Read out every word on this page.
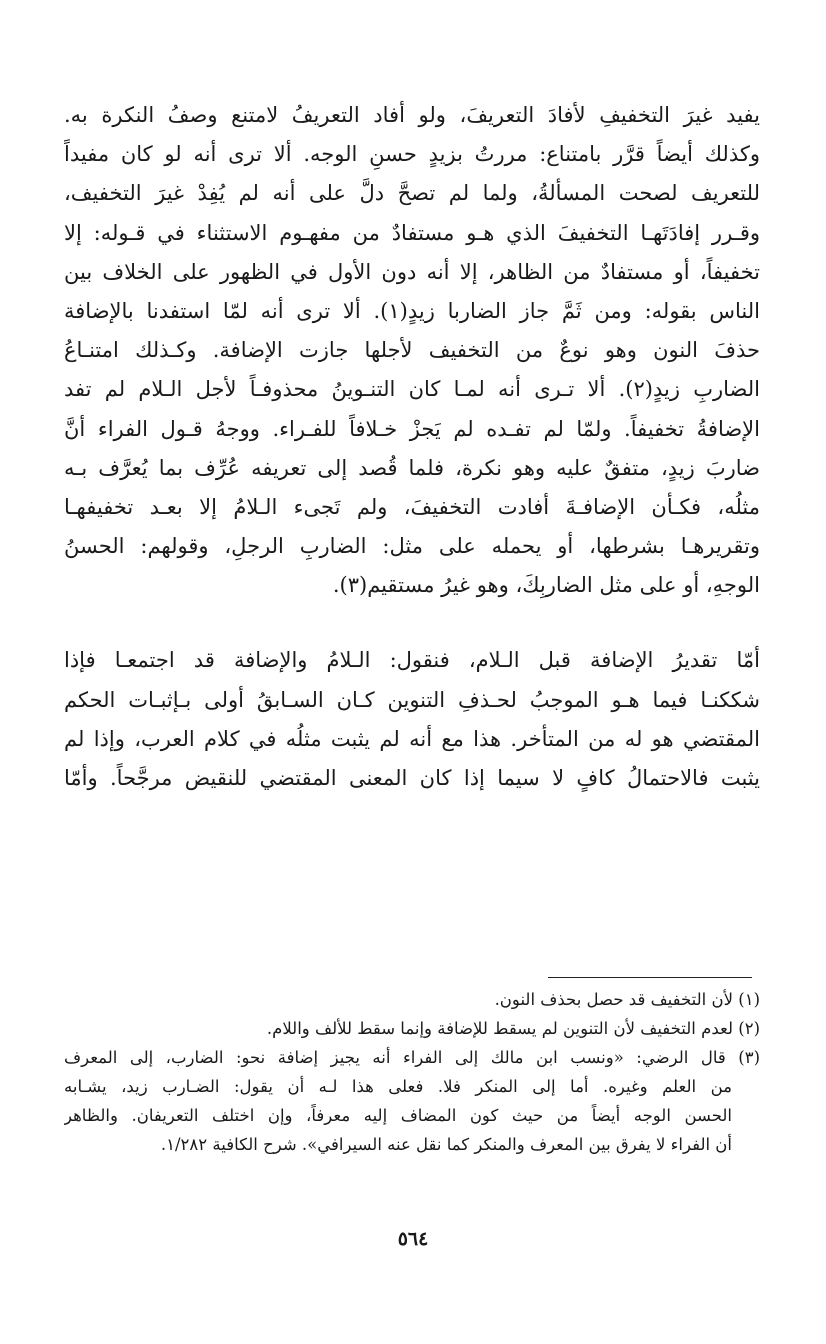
يفيد غيرَ التخفيفِ لأفادَ التعريفَ، ولو أفاد التعريفُ لامتنع وصفُ النكرة به.
وكذلك أيضاً قرَّر بامتناع: مررتُ بزيدٍ حسنِ الوجه. ألا ترى أنه لو كان مفيداً
للتعريف لصحت المسألةُ، ولما لم تصحَّ دلَّ على أنه لم يُفِدْ غيرَ التخفيف،
وقـرر إفادَتَهـا التخفيفَ الذي هـو مستفادٌ من مفهـوم الاستثناء في قـوله: إلا
تخفيفاً، أو مستفادٌ من الظاهر، إلا أنه دون الأول في الظهور على الخلاف بين
الناس بقوله: ومن ثَمَّ جاز الضاربا زيدٍ(١). ألا ترى أنه لمّا استفدنا بالإضافة
حذفَ النون وهو نوعٌ من التخفيف لأجلها جازت الإضافة. وكـذلك امتنـاعُ
الضاربِ زيدٍ(٢). ألا تـرى أنه لمـا كان التنـوينُ محذوفـاً لأجل الـلام لم تفد
الإضافةُ تخفيفاً. ولمّا لم تفـده لم يَجزْ خـلافاً للفـراء. ووجهُ قـول الفراء أنَّ
ضاربَ زيدٍ، متفقٌ عليه وهو نكرة، فلما قُصد إلى تعريفه عُرِّف بما يُعرَّف بـه
مثلُه، فكـأن الإضافـةَ أفادت التخفيفَ، ولم تَجىء الـلامُ إلا بعـد تخفيفهـا
وتقريرهـا بشرطها، أو يحمله على مثل: الضاربِ الرجلِ، وقولهم: الحسنُ
الوجهِ، أو على مثل الضاربِكَ، وهو غيرُ مستقيم(٣).
أمّا تقديرُ الإضافة قبل الـلام، فنقول: الـلامُ والإضافة قد اجتمعـا فإذا
شككنـا فيما هـو الموجبُ لحـذفِ التنوين كـان السـابقُ أولى بـإثبـات الحكم
المقتضي هو له من المتأخر. هذا مع أنه لم يثبت مثلُه في كلام العرب، وإذا لم
يثبت فالاحتمالُ كافٍ لا سيما إذا كان المعنى المقتضي للنقيض مرجَّحاً. وأمّا
(١) لأن التخفيف قد حصل بحذف النون.
(٢) لعدم التخفيف لأن التنوين لم يسقط للإضافة وإنما سقط للألف واللام.
(٣) قال الرضي: «ونسب ابن مالك إلى الفراء أنه يجيز إضافة نحو: الضارب، إلى المعرف
من العلم وغيره. أما إلى المنكر فلا. فعلى هذا لـه أن يقول: الضـارب زيد، يشـابه
الحسن الوجه أيضاً من حيث كون المضاف إليه معرفاً، وإن اختلف التعريفان. والظاهر
أن الفراء لا يفرق بين المعرف والمنكر كما نقل عنه السيرافي». شرح الكافية ١/٢٨٢.
٥٦٤
